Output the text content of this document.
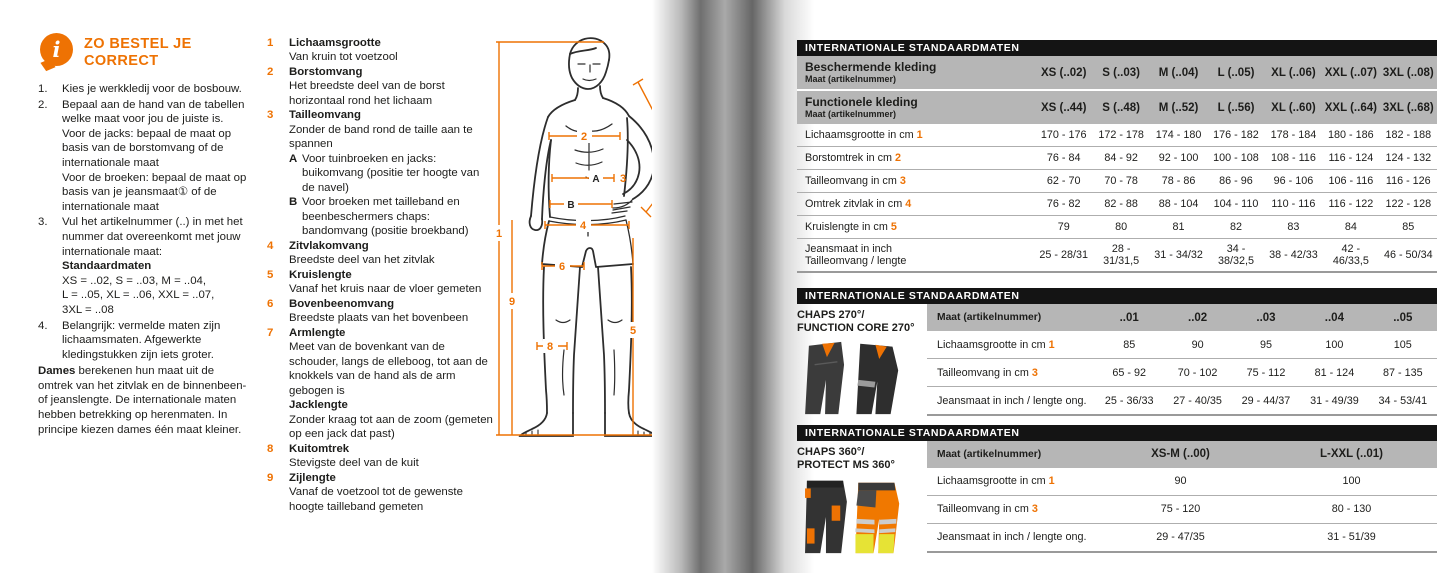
i	ZO BESTEL JE
CORRECT
1.	Kies je werkkledij voor de bosbouw.
2.	Bepaal aan de hand van de tabellen welke maat voor jou de juiste is.
Voor de jacks: bepaal de maat op basis van de borstomvang of de internationale maat
Voor de broeken: bepaal de maat op basis van je jeansmaat① of de internationale maat
3.	Vul het artikelnummer (..) in met het nummer dat overeenkomt met jouw internationale maat:
Standaardmaten
XS = ..02, S = ..03, M = ..04,
L = ..05, XL = ..06, XXL = ..07,
3XL = ..08
4.	Belangrijk: vermelde maten zijn lichaamsmaten. Afgewerkte kledingstukken zijn iets groter.
Dames berekenen hun maat uit de omtrek van het zitvlak en de binnenbeen- of jeanslengte. De internationale maten hebben betrekking op herenmaten. In principe kiezen dames één maat kleiner.
1	Lichaamsgrootte
Van kruin tot voetzool
2	Borstomvang
Het breedste deel van de borst horizontaal rond het lichaam
3	Tailleomvang
Zonder de band rond de taille aan te spannen
A Voor tuinbroeken en jacks: buikomvang (positie ter hoogte van de navel)
B Voor broeken met tailleband en beenbeschermers chaps: bandomvang (positie broekband)
4	Zitvlakomvang
Breedste deel van het zitvlak
5	Kruislengte
Vanaf het kruis naar de vloer gemeten
6	Bovenbeenomvang
Breedste plaats van het bovenbeen
7	Armlengte
Meet van de bovenkant van de schouder, langs de elleboog, tot aan de knokkels van de hand als de arm gebogen is
Jacklengte
Zonder kraag tot aan de zoom (gemeten op een jack dat past)
8	Kuitomtrek
Stevigste deel van de kuit
9	Zijlengte
Vanaf de voetzool tot de gewenste hoogte tailleband gemeten
1
9
5
2
3
4
6
8
A
B
INTERNATIONALE STANDAARDMATEN
Beschermende kleding
Maat (artikelnummer)
XS (..02)	S (..03)	M (..04)	L (..05)	XL (..06) XXL (..07) 3XL (..08)
Functionele kleding
Maat (artikelnummer)
XS (..44)	S (..48)	M (..52)	L (..56)	XL (..60) XXL (..64) 3XL (..68)
Lichaamsgrootte in cm 1	170 - 176	172 - 178	174 - 180	176 - 182	178 - 184	180 - 186	182 - 188
Borstomtrek in cm 2	76 - 84	84 - 92	92 - 100	100 - 108	108 - 116	116 - 124	124 - 132
Tailleomvang in cm 3	62 - 70	70 - 78	78 - 86	86 - 96	96 - 106	106 - 116	116 - 126
Omtrek zitvlak in cm 4	76 - 82	82 - 88	88 - 104	104 - 110	110 - 116	116 - 122	122 - 128
Kruislengte in cm 5	79	80	81	82	83	84	85
Jeansmaat in inch
Tailleomvang / lengte	25 - 28/31	28 - 31/31,5	31 - 34/32	34 - 38/32,5	38 - 42/33	42 - 46/33,5	46 - 50/34
INTERNATIONALE STANDAARDMATEN
CHAPS 270°/
FUNCTION CORE 270°
Maat (artikelnummer)	..01	..02	..03	..04	..05
Lichaamsgrootte in cm 1	85	90	95	100	105
Tailleomvang in cm 3	65 - 92	70 - 102	75 - 112	81 - 124	87 - 135
Jeansmaat in inch / lengte ong.	25 - 36/33	27 - 40/35	29 - 44/37	31 - 49/39	34 - 53/41
INTERNATIONALE STANDAARDMATEN
CHAPS 360°/
PROTECT MS 360°
Maat (artikelnummer)	XS-M (..00)	L-XXL (..01)
Lichaamsgrootte in cm 1	90	100
Tailleomvang in cm 3	75 - 120	80 - 130
Jeansmaat in inch / lengte ong.	29 - 47/35	31 - 51/39
